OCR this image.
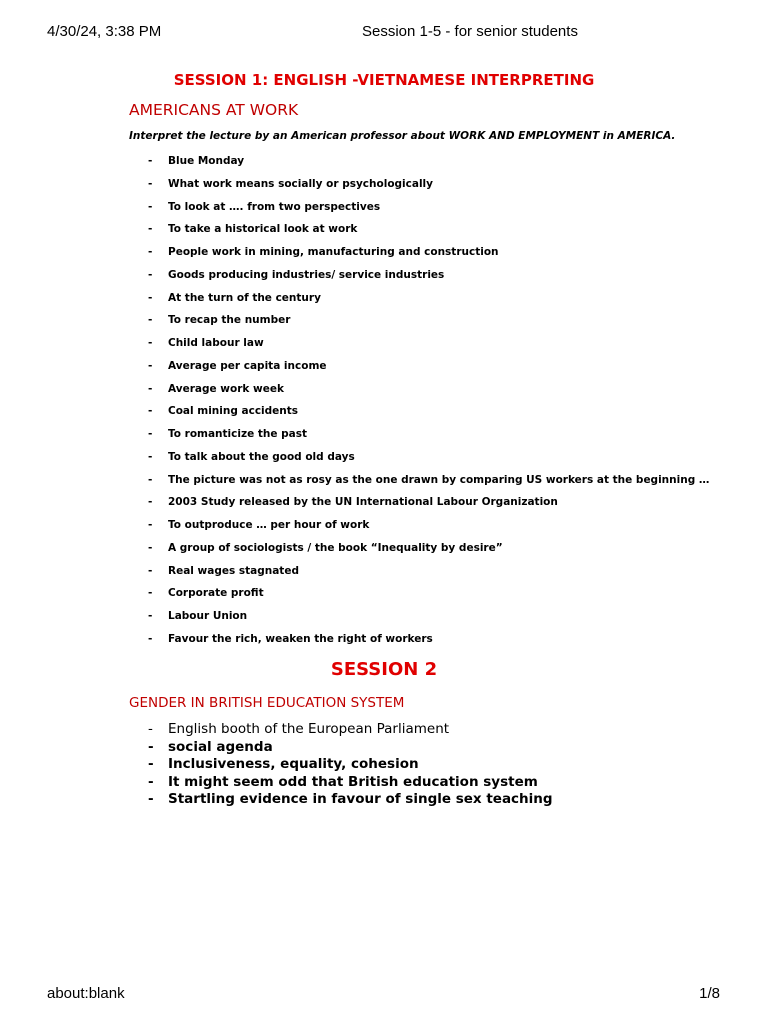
4/30/24, 3:38 PM	Session 1-5 - for senior students
SESSION 1: ENGLISH -VIETNAMESE INTERPRETING
AMERICANS AT WORK
Interpret the lecture by an American professor about WORK AND EMPLOYMENT in AMERICA.
- Blue Monday
- What work means socially or psychologically
- To look at …. from two perspectives
- To take a historical look at work
- People work in mining, manufacturing and construction
- Goods producing industries/ service industries
- At the turn of the century
- To recap the number
- Child labour law
- Average per capita income
- Average work week
- Coal mining accidents
- To romanticize the past
- To talk about the good old days
- The picture was not as rosy as the one drawn by comparing US workers at the beginning …
- 2003 Study released by the UN International Labour Organization
- To outproduce … per hour of work
- A group of sociologists / the book “Inequality by desire”
- Real wages stagnated
- Corporate profit
- Labour Union
- Favour the rich, weaken the right of workers
SESSION 2
GENDER IN BRITISH EDUCATION SYSTEM
- English booth of the European Parliament
- social agenda
- Inclusiveness, equality, cohesion
- It might seem odd that British education system
- Startling evidence in favour of single sex teaching
about:blank	1/8
